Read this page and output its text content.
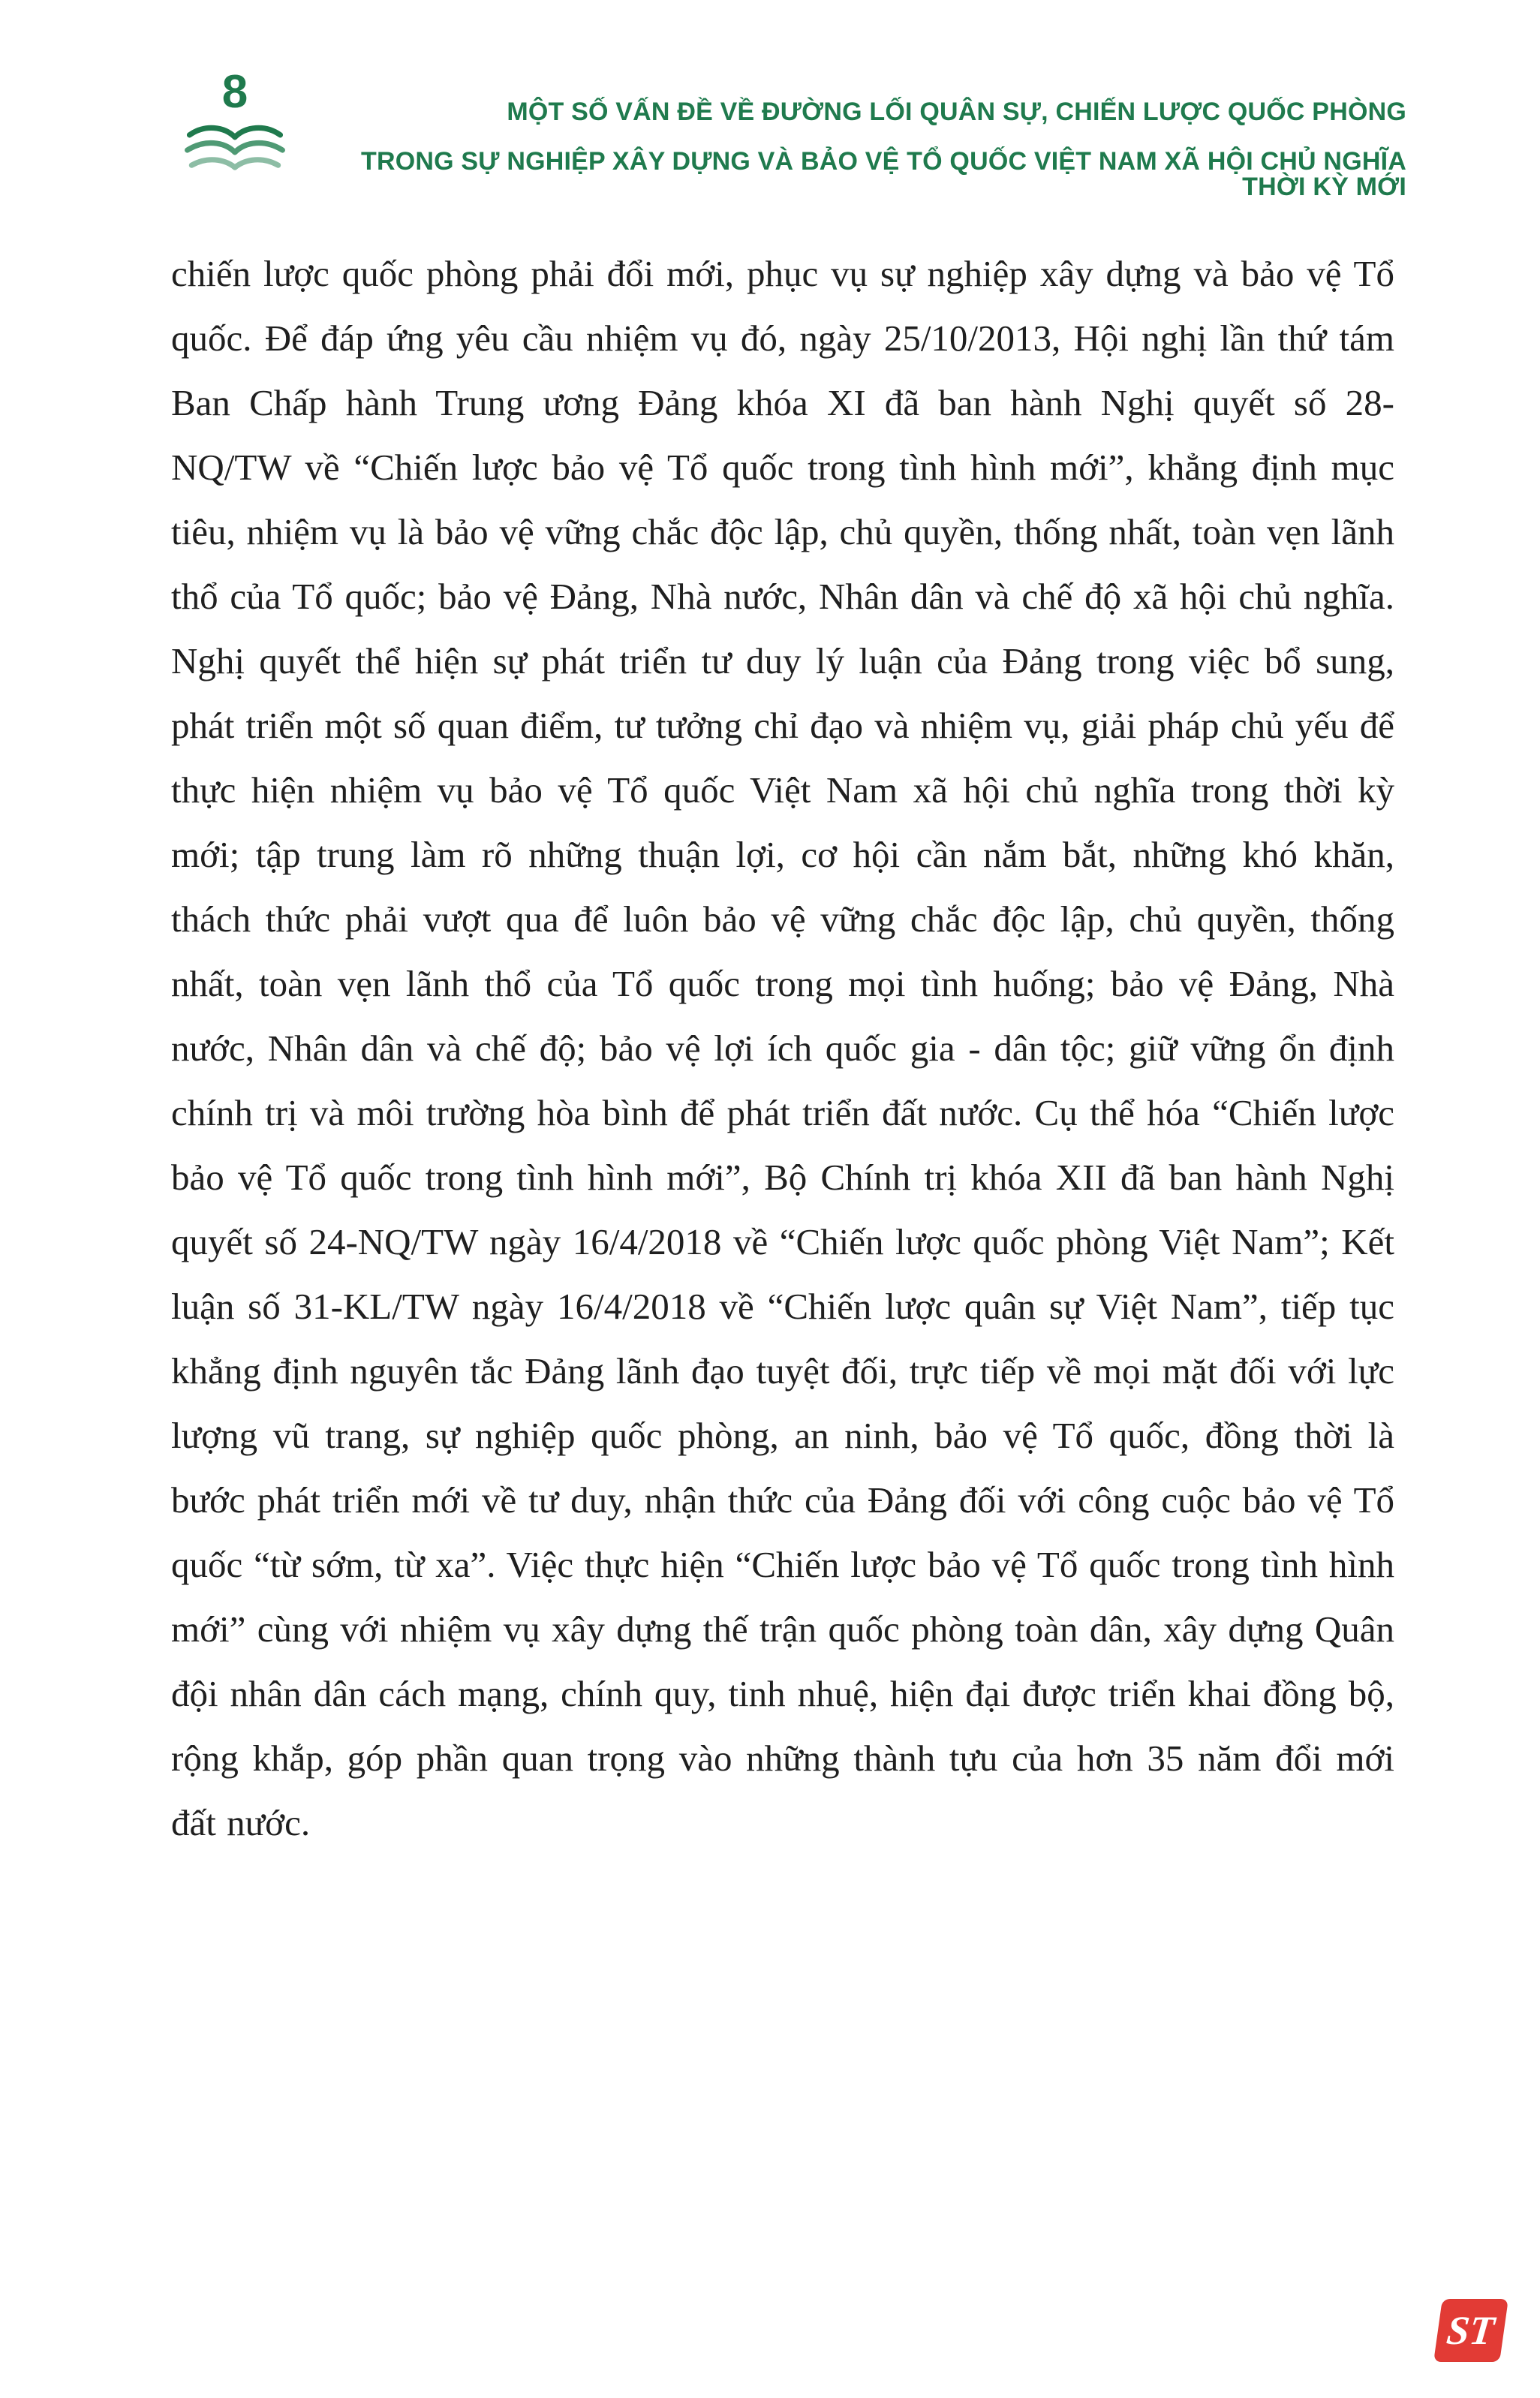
8	MỘT SỐ VẤN ĐỀ VỀ ĐƯỜNG LỐI QUÂN SỰ, CHIẾN LƯỢC QUỐC PHÒNG
TRONG SỰ NGHIỆP XÂY DỰNG VÀ BẢO VỆ TỔ QUỐC VIỆT NAM XÃ HỘI CHỦ NGHĨA THỜI KỲ MỚI

chiến lược quốc phòng phải đổi mới, phục vụ sự nghiệp xây dựng và bảo vệ Tổ quốc. Để đáp ứng yêu cầu nhiệm vụ đó, ngày 25/10/2013, Hội nghị lần thứ tám Ban Chấp hành Trung ương Đảng khóa XI đã ban hành Nghị quyết số 28-NQ/TW về “Chiến lược bảo vệ Tổ quốc trong tình hình mới”, khẳng định mục tiêu, nhiệm vụ là bảo vệ vững chắc độc lập, chủ quyền, thống nhất, toàn vẹn lãnh thổ của Tổ quốc; bảo vệ Đảng, Nhà nước, Nhân dân và chế độ xã hội chủ nghĩa. Nghị quyết thể hiện sự phát triển tư duy lý luận của Đảng trong việc bổ sung, phát triển một số quan điểm, tư tưởng chỉ đạo và nhiệm vụ, giải pháp chủ yếu để thực hiện nhiệm vụ bảo vệ Tổ quốc Việt Nam xã hội chủ nghĩa trong thời kỳ mới; tập trung làm rõ những thuận lợi, cơ hội cần nắm bắt, những khó khăn, thách thức phải vượt qua để luôn bảo vệ vững chắc độc lập, chủ quyền, thống nhất, toàn vẹn lãnh thổ của Tổ quốc trong mọi tình huống; bảo vệ Đảng, Nhà nước, Nhân dân và chế độ; bảo vệ lợi ích quốc gia - dân tộc; giữ vững ổn định chính trị và môi trường hòa bình để phát triển đất nước. Cụ thể hóa “Chiến lược bảo vệ Tổ quốc trong tình hình mới”, Bộ Chính trị khóa XII đã ban hành Nghị quyết số 24-NQ/TW ngày 16/4/2018 về “Chiến lược quốc phòng Việt Nam”; Kết luận số 31-KL/TW ngày 16/4/2018 về “Chiến lược quân sự Việt Nam”, tiếp tục khẳng định nguyên tắc Đảng lãnh đạo tuyệt đối, trực tiếp về mọi mặt đối với lực lượng vũ trang, sự nghiệp quốc phòng, an ninh, bảo vệ Tổ quốc, đồng thời là bước phát triển mới về tư duy, nhận thức của Đảng đối với công cuộc bảo vệ Tổ quốc “từ sớm, từ xa”. Việc thực hiện “Chiến lược bảo vệ Tổ quốc trong tình hình mới” cùng với nhiệm vụ xây dựng thế trận quốc phòng toàn dân, xây dựng Quân đội nhân dân cách mạng, chính quy, tinh nhuệ, hiện đại được triển khai đồng bộ, rộng khắp, góp phần quan trọng vào những thành tựu của hơn 35 năm đổi mới đất nước.

ST
